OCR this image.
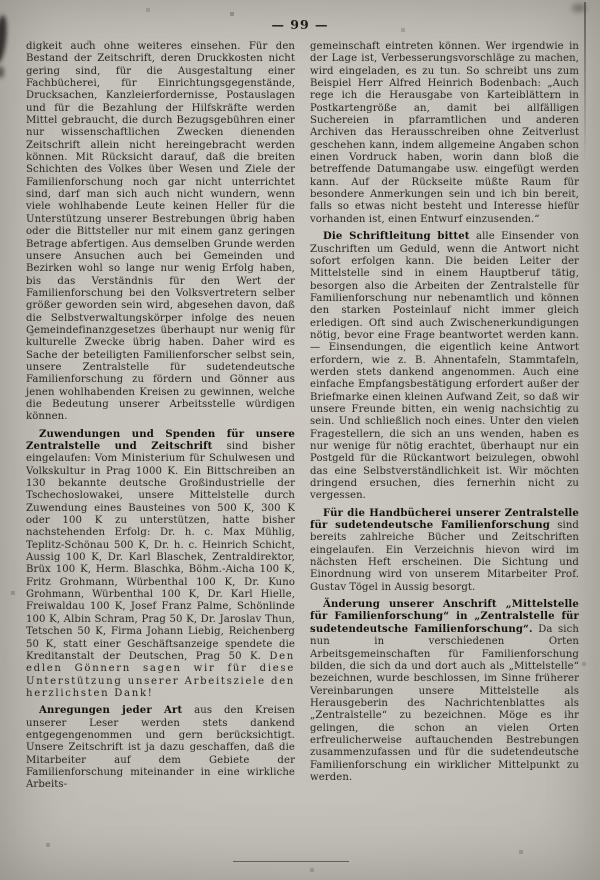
— 99 —

digkeit auch ohne weiteres einsehen. Für den Bestand der Zeitschrift, deren Druckkosten nicht gering sind, für die Ausgestaltung einer Fachbücherei, für Einrichtungsgegenstände, Drucksachen, Kanzleierfordernisse, Postauslagen und für die Bezahlung der Hilfskräfte werden Mittel gebraucht, die durch Bezugsgebühren einer nur wissenschaftlichen Zwecken dienenden Zeitschrift allein nicht hereingebracht werden können. Mit Rücksicht darauf, daß die breiten Schichten des Volkes über Wesen und Ziele der Familienforschung noch gar nicht unterrichtet sind, darf man sich auch nicht wundern, wenn viele wohlhabende Leute keinen Heller für die Unterstützung unserer Bestrebungen übrig haben oder die Bittsteller nur mit einem ganz geringen Betrage abfertigen. Aus demselben Grunde werden unsere Ansuchen auch bei Gemeinden und Bezirken wohl so lange nur wenig Erfolg haben, bis das Verständnis für den Wert der Familienforschung bei den Volksvertretern selber größer geworden sein wird, abgesehen davon, daß die Selbstverwaltungskörper infolge des neuen Gemeindefinanzgesetzes überhaupt nur wenig für kulturelle Zwecke übrig haben. Daher wird es Sache der beteiligten Familienforscher selbst sein, unsere Zentralstelle für sudetendeutsche Familienforschung zu fördern und Gönner aus jenen wohlhabenden Kreisen zu gewinnen, welche die Bedeutung unserer Arbeitsstelle würdigen können.

Zuwendungen und Spenden für unsere Zentralstelle und Zeitschrift sind bisher eingelaufen: Vom Ministerium für Schulwesen und Volkskultur in Prag 1000 K. Ein Bittschreiben an 130 bekannte deutsche Großindustrielle der Tschechoslowakei, unsere Mittelstelle durch Zuwendung eines Bausteines von 500 K, 300 K oder 100 K zu unterstützen, hatte bisher nachstehenden Erfolg: Dr. h. c. Max Mühlig, Teplitz-Schönau 500 K, Dr. h. c. Heinrich Schicht, Aussig 100 K, Dr. Karl Blaschek, Zentraldirektor, Brüx 100 K, Herm. Blaschka, Böhm.-Aicha 100 K, Fritz Grohmann, Würbenthal 100 K, Dr. Kuno Grohmann, Würbenthal 100 K, Dr. Karl Hielle, Freiwaldau 100 K, Josef Franz Palme, Schönlinde 100 K, Albin Schram, Prag 50 K, Dr. Jaroslav Thun, Tetschen 50 K, Firma Johann Liebig, Reichenberg 50 K, statt einer Geschäftsanzeige spendete die Kreditanstalt der Deutschen, Prag 50 K. Den edlen Gönnern sagen wir für diese Unterstützung unserer Arbeitsziele den herzlichsten Dank!

Anregungen jeder Art aus den Kreisen unserer Leser werden stets dankend entgegengenommen und gern berücksichtigt. Unsere Zeitschrift ist ja dazu geschaffen, daß die Mitarbeiter auf dem Gebiete der Familienforschung miteinander in eine wirkliche Arbeits-

gemeinschaft eintreten können. Wer irgendwie in der Lage ist, Verbesserungsvorschläge zu machen, wird eingeladen, es zu tun. So schreibt uns zum Beispiel Herr Alfred Heinrich Bodenbach: „Auch rege ich die Herausgabe von Karteiblättern in Postkartengröße an, damit bei allfälligen Suchereien in pfarramtlichen und anderen Archiven das Herausschreiben ohne Zeitverlust geschehen kann, indem allgemeine Angaben schon einen Vordruck haben, worin dann bloß die betreffende Datumangabe usw. eingefügt werden kann. Auf der Rückseite müßte Raum für besondere Anmerkungen sein und ich bin bereit, falls so etwas nicht besteht und Interesse hiefür vorhanden ist, einen Entwurf einzusenden.“

Die Schriftleitung bittet alle Einsender von Zuschriften um Geduld, wenn die Antwort nicht sofort erfolgen kann. Die beiden Leiter der Mittelstelle sind in einem Hauptberuf tätig, besorgen also die Arbeiten der Zentralstelle für Familienforschung nur nebenamtlich und können den starken Posteinlauf nicht immer gleich erledigen. Oft sind auch Zwischenerkundigungen nötig, bevor eine Frage beantwortet werden kann. — Einsendungen, die eigentlich keine Antwort erfordern, wie z. B. Ahnentafeln, Stammtafeln, werden stets dankend angenommen. Auch eine einfache Empfangsbestätigung erfordert außer der Briefmarke einen kleinen Aufwand Zeit, so daß wir unsere Freunde bitten, ein wenig nachsichtig zu sein. Und schließlich noch eines. Unter den vielen Fragestellern, die sich an uns wenden, haben es nur wenige für nötig erachtet, überhaupt nur ein Postgeld für die Rückantwort beizulegen, obwohl das eine Selbstverständlichkeit ist. Wir möchten dringend ersuchen, dies fernerhin nicht zu vergessen.

Für die Handbücherei unserer Zentralstelle für sudetendeutsche Familienforschung sind bereits zahlreiche Bücher und Zeitschriften eingelaufen. Ein Verzeichnis hievon wird im nächsten Heft erscheinen. Die Sichtung und Einordnung wird von unserem Mitarbeiter Prof. Gustav Tögel in Aussig besorgt.

Änderung unserer Anschrift „Mittelstelle für Familienforschung“ in „Zentralstelle für sudetendeutsche Familienforschung“. Da sich nun in verschiedenen Orten Arbeitsgemeinschaften für Familienforschung bilden, die sich da und dort auch als „Mittelstelle“ bezeichnen, wurde beschlossen, im Sinne früherer Vereinbarungen unsere Mittelstelle als Herausgeberin des Nachrichtenblattes als „Zentralstelle“ zu bezeichnen. Möge es ihr gelingen, die schon an vielen Orten erfreulicherweise auftauchenden Bestrebungen zusammenzufassen und für die sudetendeutsche Familienforschung ein wirklicher Mittelpunkt zu werden.
